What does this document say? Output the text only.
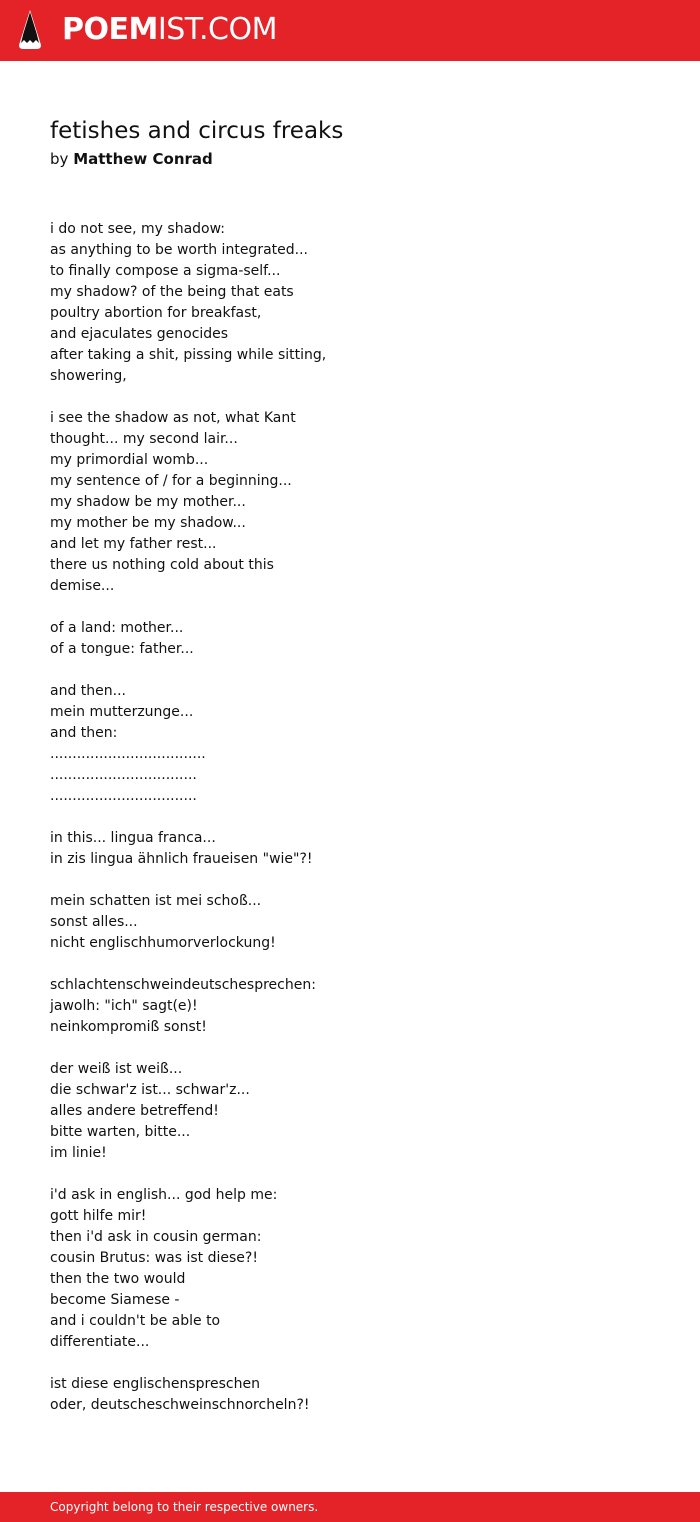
POEMIST.COM
fetishes and circus freaks
by Matthew Conrad
i do not see, my shadow:
as anything to be worth integrated...
to finally compose a sigma-self...
my shadow? of the being that eats
poultry abortion for breakfast,
and ejaculates genocides
after taking a shit, pissing while sitting,
showering,
i see the shadow as not, what Kant
thought... my second lair...
my primordial womb...
my sentence of / for a beginning...
my shadow be my mother...
my mother be my shadow...
and let my father rest...
there us nothing cold about this
demise...
of a land: mother...
of a tongue: father...
and then...
mein mutterzunge...
and then:
...................................
.................................
.................................
in this... lingua franca...
in zis lingua ähnlich fraueisen "wie"?!
mein schatten ist mei schoß...
sonst alles...
nicht englischhumorverlockung!
schlachtenschweindeutschesprechen:
jawolh: "ich" sagt(e)!
neinkompromiß sonst!
der weiß ist weiß...
die schwar'z ist... schwar'z...
alles andere betreffend!
bitte warten, bitte...
im linie!
i'd ask in english... god help me:
gott hilfe mir!
then i'd ask in cousin german:
cousin Brutus: was ist diese?!
then the two would
become Siamese -
and i couldn't be able to
differentiate...
ist diese englischenspreschen
oder, deutscheschweinschnorcheln?!
Copyright belong to their respective owners.
